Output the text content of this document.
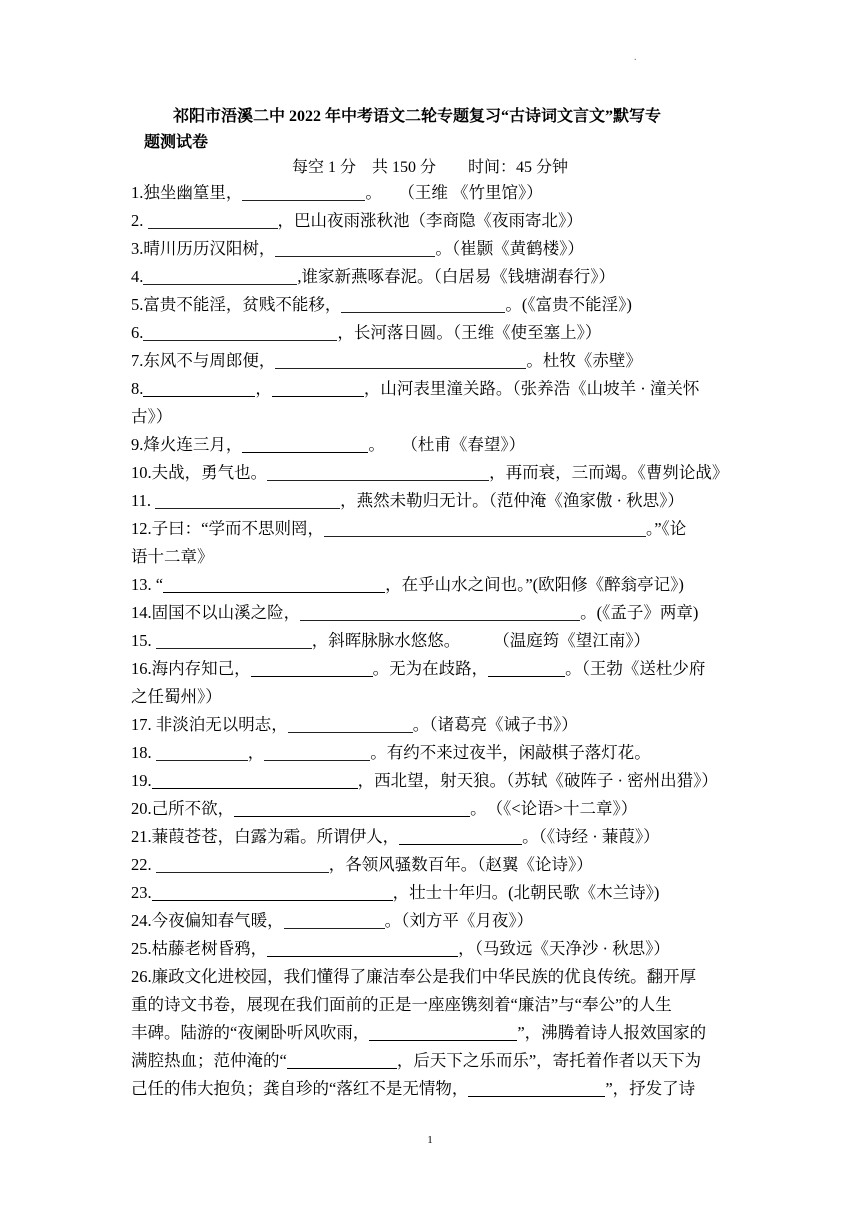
.
祁阳市浯溪二中 2022 年中考语文二轮专题复习“古诗词文言文”默写专
题测试卷
每空 1 分　共 150 分　　时间：45 分钟
1.独坐幽篁里，	。　　（王维 《竹里馆》）
2.	，巴山夜雨涨秋池（李商隐《夜雨寄北》）
3.晴川历历汉阳树，	。（崔颢《黄鹤楼》）
4.	,谁家新燕啄春泥。（白居易《钱塘湖春行》）
5.富贵不能淫，贫贱不能移，	。(《富贵不能淫》)
6.	，长河落日圆。（王维《使至塞上》）
7.东风不与周郎便，	。杜牧《赤壁》
8.	，	，山河表里潼关路。（张养浩《山坡羊 · 潼关怀
古》）
9.烽火连三月，	。　　（杜甫《春望》）
10.夫战，勇气也。	，再而衰，三而竭。《曹刿论战》
11.	，燕然未勒归无计。（范仲淹《渔家傲 · 秋思》）
12.子曰：“学而不思则罔，	。”《论
语十二章》
13. “	，在乎山水之间也。”(欧阳修《醉翁亭记》)
14.固国不以山溪之险，	。(《孟子》两章)
15.	，斜晖脉脉水悠悠。　　　（温庭筠《望江南》）
16.海内存知己，	。无为在歧路，	。（王勃《送杜少府
之任蜀州》）
17. 非淡泊无以明志，	。（诸葛亮《诫子书》）
18.	，	。有约不来过夜半，闲敲棋子落灯花。
19.	，西北望，射天狼。（苏轼《破阵子 · 密州出猎》）
20.己所不欲，	。　（《<论语>十二章》）
21.蒹葭苍苍，白露为霜。所谓伊人，	。（《诗经 · 蒹葭》）
22.	，各领风骚数百年。（赵翼《论诗》）
23.	，壮士十年归。(北朝民歌《木兰诗》)
24.今夜偏知春气暖，	。（刘方平《月夜》）
25.枯藤老树昏鸦，	，（马致远《天净沙 · 秋思》）
26.廉政文化进校园，我们懂得了廉洁奉公是我们中华民族的优良传统。翻开厚
重的诗文书卷，展现在我们面前的正是一座座镌刻着“廉洁”与“奉公”的人生
丰碑。陆游的“夜阑卧听风吹雨，	”，沸腾着诗人报效国家的
满腔热血；范仲淹的“	，后天下之乐而乐”，寄托着作者以天下为
己任的伟大抱负；龚自珍的“落红不是无情物，	”，抒发了诗
1
